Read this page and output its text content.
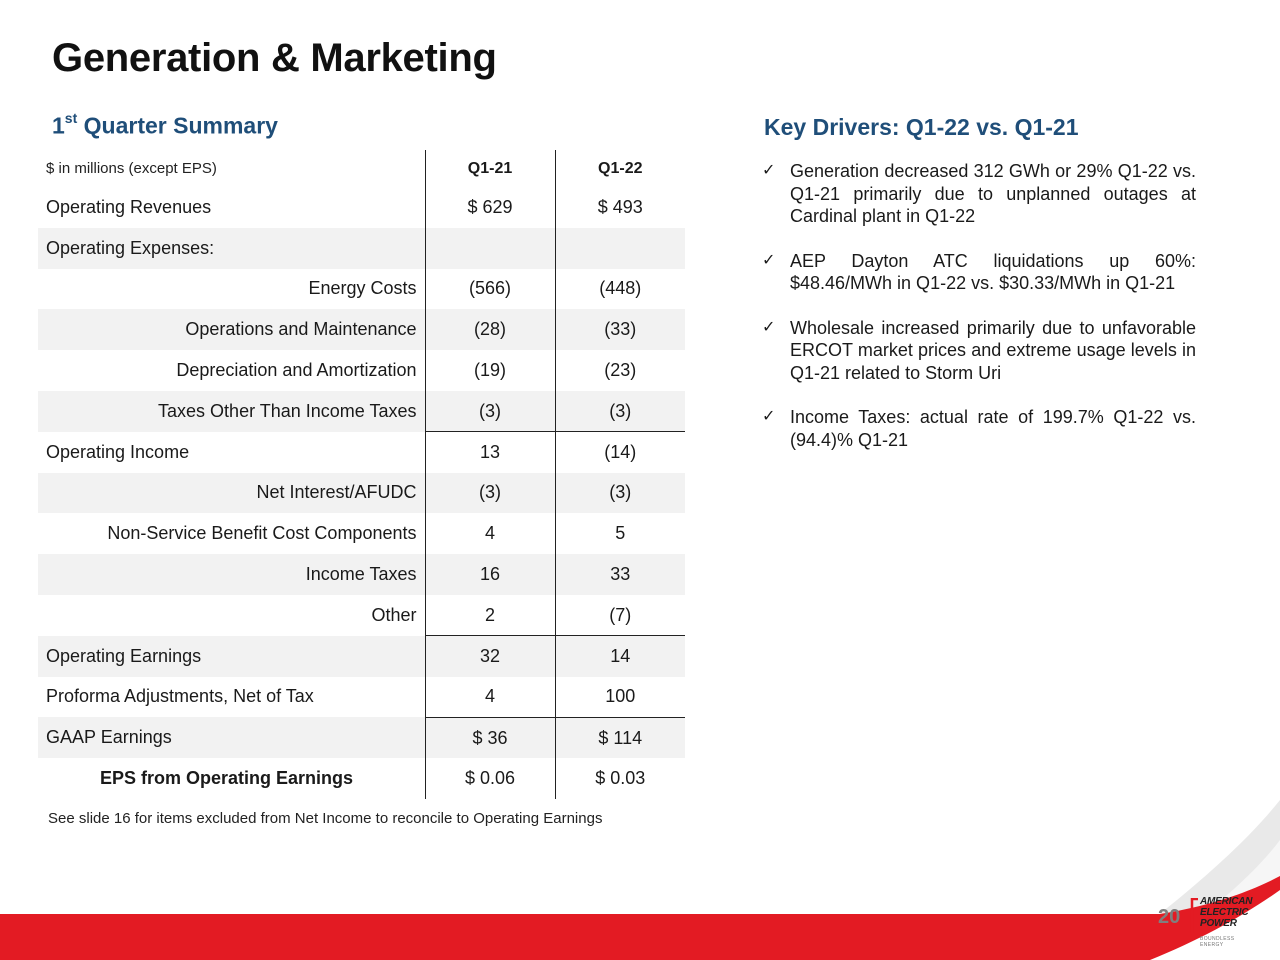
Generation & Marketing
1st Quarter Summary	Key Drivers: Q1-22 vs. Q1-21
$ in millions (except EPS)	Q1-21	Q1-22
Operating Revenues	$ 629	$ 493
Operating Expenses:		
Energy Costs	(566)	(448)
Operations and Maintenance	(28)	(33)
Depreciation and Amortization	(19)	(23)
Taxes Other Than Income Taxes	(3)	(3)
Operating Income	13	(14)
Net Interest/AFUDC	(3)	(3)
Non-Service Benefit Cost Components	4	5
Income Taxes	16	33
Other	2	(7)
Operating Earnings	32	14
Proforma Adjustments, Net of Tax	4	100
GAAP Earnings	$ 36	$ 114
EPS from Operating Earnings	$ 0.06	$ 0.03
See slide 16 for items excluded from Net Income to reconcile to Operating Earnings
✓ Generation decreased 312 GWh or 29% Q1-22 vs. Q1-21 primarily due to unplanned outages at Cardinal plant in Q1-22
✓ AEP Dayton ATC liquidations up 60%: $48.46/MWh in Q1-22 vs. $30.33/MWh in Q1-21
✓ Wholesale increased primarily due to unfavorable ERCOT market prices and extreme usage levels in Q1-21 related to Storm Uri
✓ Income Taxes: actual rate of 199.7% Q1-22 vs. (94.4)% Q1-21
20
AMERICAN
ELECTRIC
POWER
BOUNDLESS ENERGY
